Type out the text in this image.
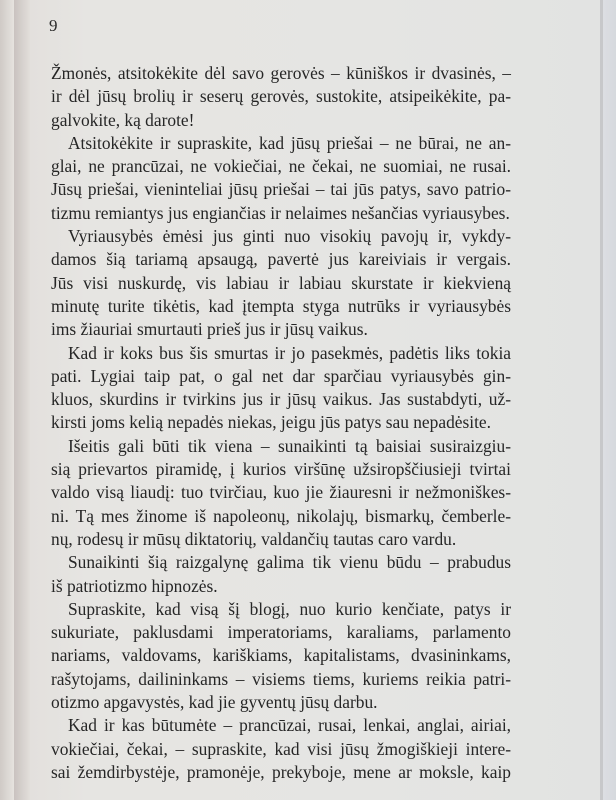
9
Žmonės, atsitokėkite dėl savo gerovės – kūniškos ir dvasinės, –
ir dėl jūsų brolių ir seserų gerovės, sustokite, atsipeikėkite, pa-
galvokite, ką darote!
Atsitokėkite ir supraskite, kad jūsų priešai – ne būrai, ne an-
glai, ne prancūzai, ne vokiečiai, ne čekai, ne suomiai, ne rusai.
Jūsų priešai, vieninteliai jūsų priešai – tai jūs patys, savo patrio-
tizmu remiantys jus engiančias ir nelaimes nešančias vyriausybes.
Vyriausybės ėmėsi jus ginti nuo visokių pavojų ir, vykdy-
damos šią tariamą apsaugą, pavertė jus kareiviais ir vergais.
Jūs visi nuskurdę, vis labiau ir labiau skurstate ir kiekvieną
minutę turite tikėtis, kad įtempta styga nutrūks ir vyriausybės
ims žiauriai smurtauti prieš jus ir jūsų vaikus.
Kad ir koks bus šis smurtas ir jo pasekmės, padėtis liks tokia
pati. Lygiai taip pat, o gal net dar sparčiau vyriausybės gin-
kluos, skurdins ir tvirkins jus ir jūsų vaikus. Jas sustabdyti, už-
kirsti joms kelią nepadės niekas, jeigu jūs patys sau nepadėsite.
Išeitis gali būti tik viena – sunaikinti tą baisiai susiraizgiu-
sią prievartos piramidę, į kurios viršūnę užsiropščiusieji tvirtai
valdo visą liaudį: tuo tvirčiau, kuo jie žiauresni ir nežmoniškes-
ni. Tą mes žinome iš napoleonų, nikolajų, bismarkų, čemberle-
nų, rodesų ir mūsų diktatorių, valdančių tautas caro vardu.
Sunaikinti šią raizgalynę galima tik vienu būdu – prabudus
iš patriotizmo hipnozės.
Supraskite, kad visą šį blogį, nuo kurio kenčiate, patys ir
sukuriate, paklusdami imperatoriams, karaliams, parlamento
nariams, valdovams, kariškiams, kapitalistams, dvasininkams,
rašytojams, dailininkams – visiems tiems, kuriems reikia patri-
otizmo apgavystės, kad jie gyventų jūsų darbu.
Kad ir kas būtumėte – prancūzai, rusai, lenkai, anglai, airiai,
vokiečiai, čekai, – supraskite, kad visi jūsų žmogiškieji intere-
sai žemdirbystėje, pramonėje, prekyboje, mene ar moksle, kaip
